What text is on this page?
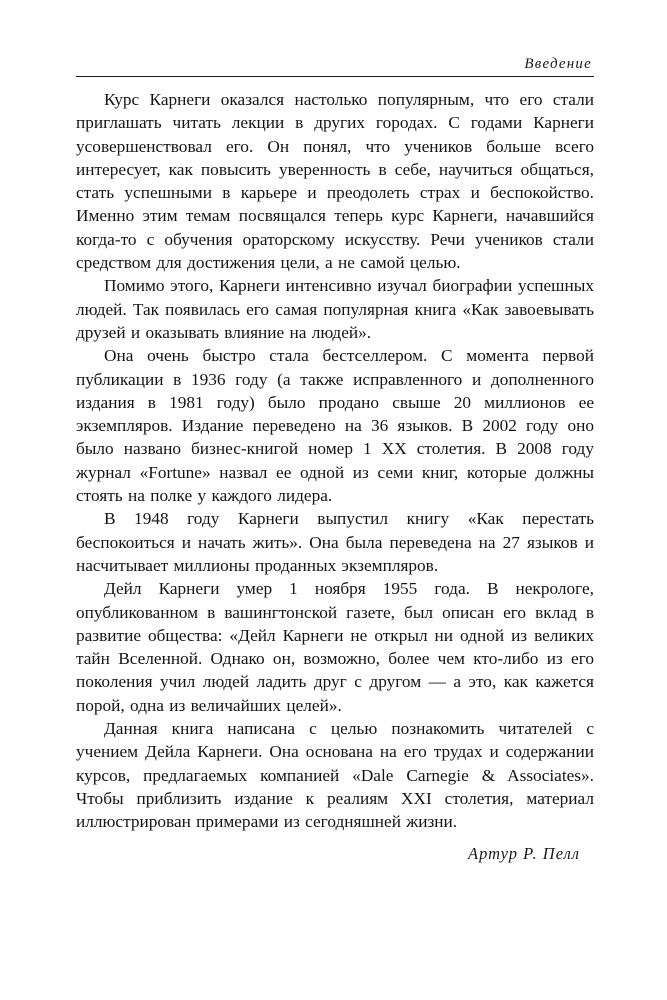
Введение

Курс Карнеги оказался настолько популярным, что его стали приглашать читать лекции в других городах. С годами Карнеги усовершенствовал его. Он понял, что учеников больше всего интересует, как повысить уверенность в себе, научиться общаться, стать успешными в карьере и преодолеть страх и беспокойство. Именно этим темам посвящался теперь курс Карнеги, начавшийся когда-то с обучения ораторскому искусству. Речи учеников стали средством для достижения цели, а не самой целью.

Помимо этого, Карнеги интенсивно изучал биографии успешных людей. Так появилась его самая популярная книга «Как завоевывать друзей и оказывать влияние на людей».

Она очень быстро стала бестселлером. С момента первой публикации в 1936 году (а также исправленного и дополненного издания в 1981 году) было продано свыше 20 миллионов ее экземпляров. Издание переведено на 36 языков. В 2002 году оно было названо бизнес-книгой номер 1 XX столетия. В 2008 году журнал «Fortune» назвал ее одной из семи книг, которые должны стоять на полке у каждого лидера.

В 1948 году Карнеги выпустил книгу «Как перестать беспокоиться и начать жить». Она была переведена на 27 языков и насчитывает миллионы проданных экземпляров.

Дейл Карнеги умер 1 ноября 1955 года. В некрологе, опубликованном в вашингтонской газете, был описан его вклад в развитие общества: «Дейл Карнеги не открыл ни одной из великих тайн Вселенной. Однако он, возможно, более чем кто-либо из его поколения учил людей ладить друг с другом — а это, как кажется порой, одна из величайших целей».

Данная книга написана с целью познакомить читателей с учением Дейла Карнеги. Она основана на его трудах и содержании курсов, предлагаемых компанией «Dale Carnegie & Associates». Чтобы приблизить издание к реалиям XXI столетия, материал иллюстрирован примерами из сегодняшней жизни.

Артур Р. Пелл
